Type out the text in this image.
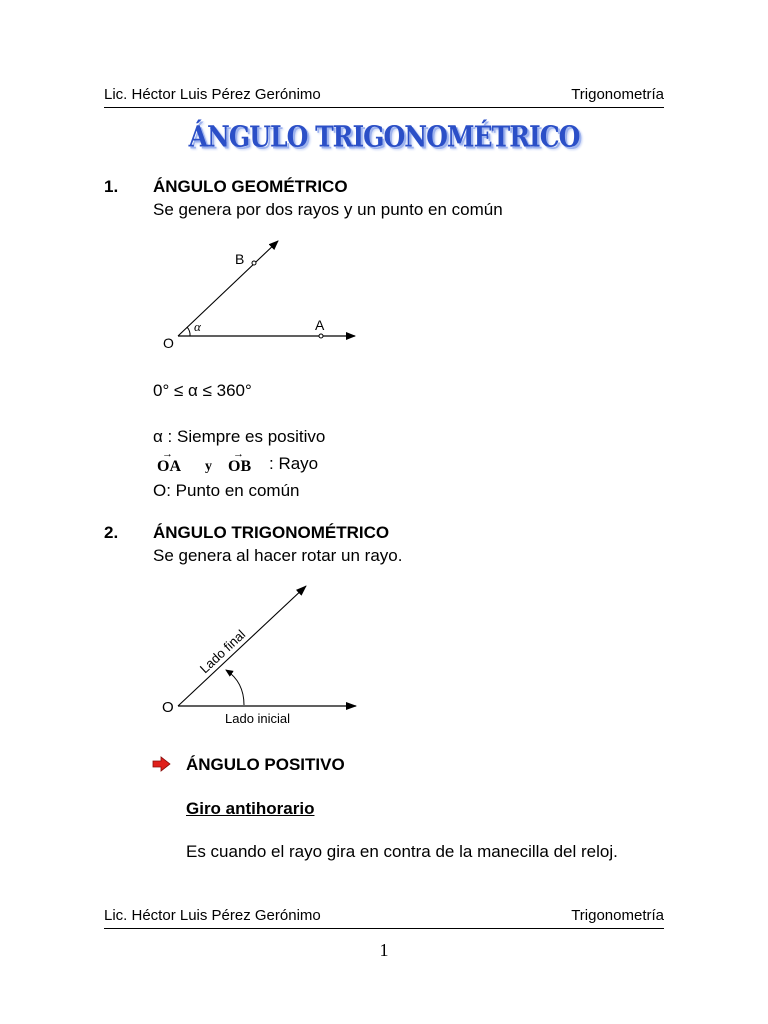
Lic. Héctor Luis Pérez Gerónimo	Trigonometría
ÁNGULO TRIGONOMÉTRICO
1. ÁNGULO GEOMÉTRICO
Se genera por dos rayos y un punto en común
B
A
O
α
0° ≤ α ≤ 360°
α : Siempre es positivo
→
OA y
→
OB : Rayo
O: Punto en común
2. ÁNGULO TRIGONOMÉTRICO
Se genera al hacer rotar un rayo.
O
Lado inicial
Lado final
ÁNGULO POSITIVO
Giro antihorario
Es cuando el rayo gira en contra de la manecilla del reloj.
Lic. Héctor Luis Pérez Gerónimo	Trigonometría
1
